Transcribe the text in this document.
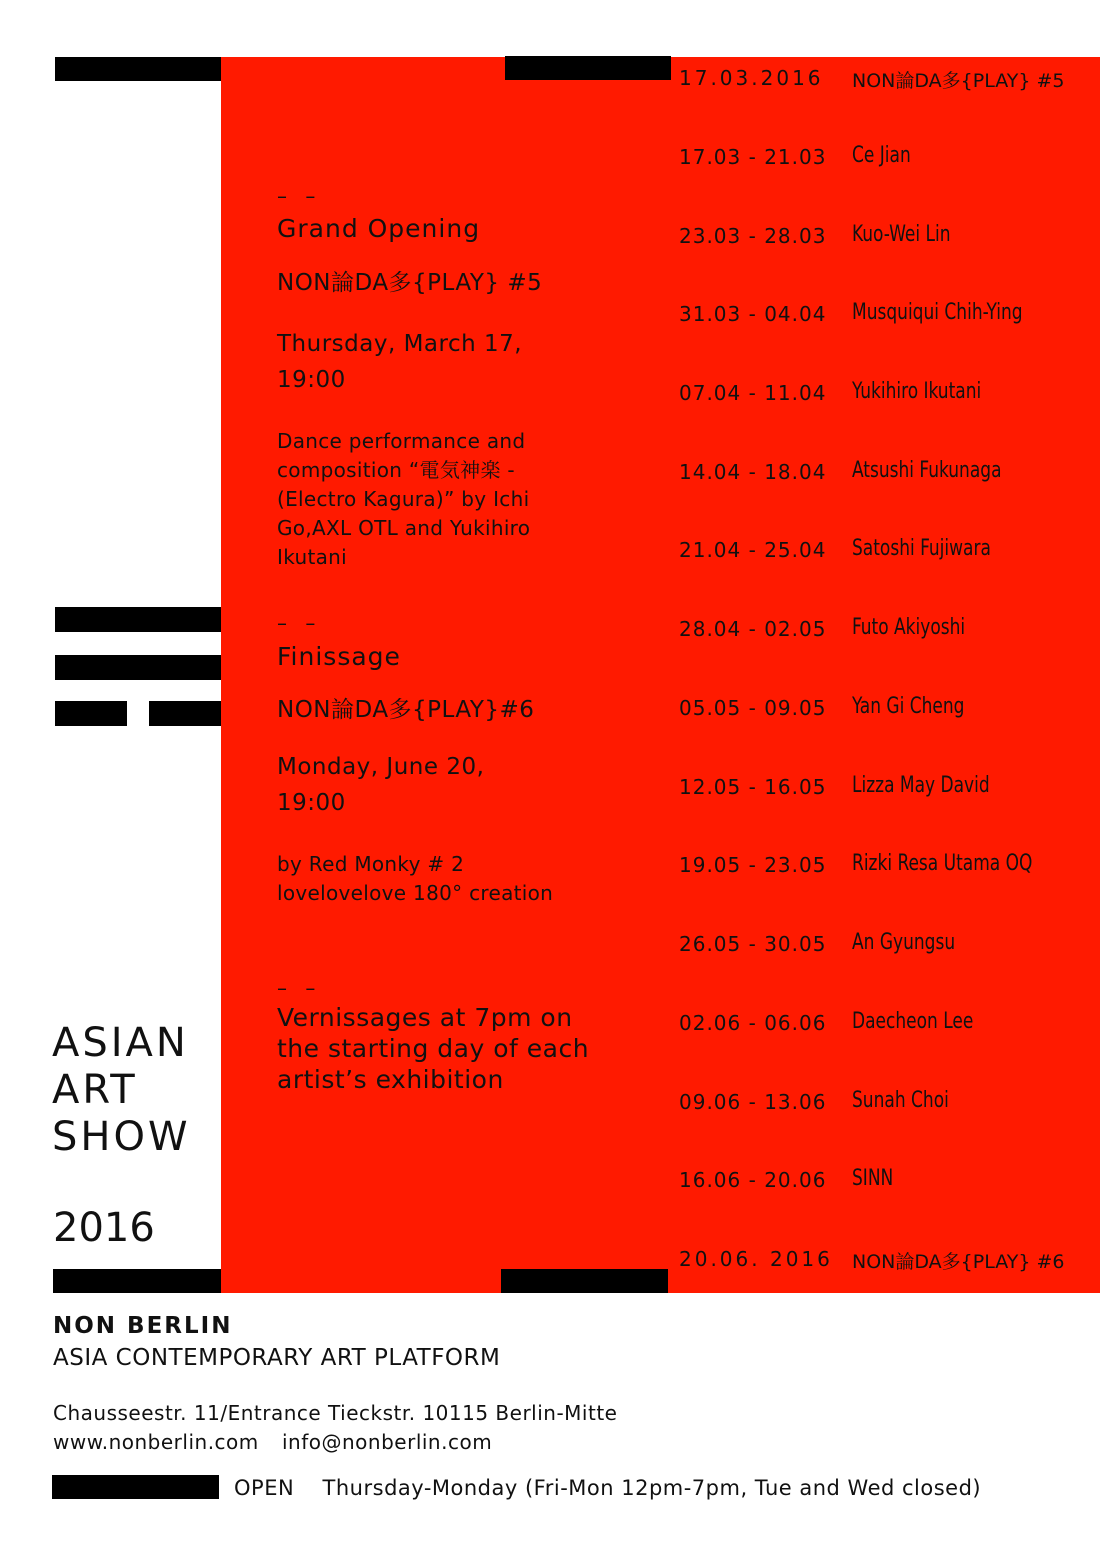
– –
Grand Opening
NON論DA多{PLAY} #5
Thursday, March 17,
19:00
Dance performance and composition “電気神楽 - (Electro Kagura)” by Ichi Go,AXL OTL and Yukihiro Ikutani
– –
Finissage
NON論DA多{PLAY}#6
Monday, June 20,
19:00
by Red Monky # 2 lovelovelove 180° creation
– –
Vernissages at 7pm on the starting day of each artist’s exhibition
17.03.2016 NON論DA多{PLAY} #5
17.03 - 21.03 Ce Jian
23.03 - 28.03 Kuo-Wei Lin
31.03 - 04.04 Musquiqui Chih-Ying
07.04 - 11.04 Yukihiro Ikutani
14.04 - 18.04 Atsushi Fukunaga
21.04 - 25.04 Satoshi Fujiwara
28.04 - 02.05 Futo Akiyoshi
05.05 - 09.05 Yan Gi Cheng
12.05 - 16.05 Lizza May David
19.05 - 23.05 Rizki Resa Utama OQ
26.05 - 30.05 An Gyungsu
02.06 - 06.06 Daecheon Lee
09.06 - 13.06 Sunah Choi
16.06 - 20.06 SINN
20.06. 2016 NON論DA多{PLAY} #6
ASIAN
ART
SHOW
2016
NON BERLIN
ASIA CONTEMPORARY ART PLATFORM
Chausseestr. 11/Entrance Tieckstr. 10115 Berlin-Mitte
www.nonberlin.com info@nonberlin.com
OPEN Thursday-Monday (Fri-Mon 12pm-7pm, Tue and Wed closed)
